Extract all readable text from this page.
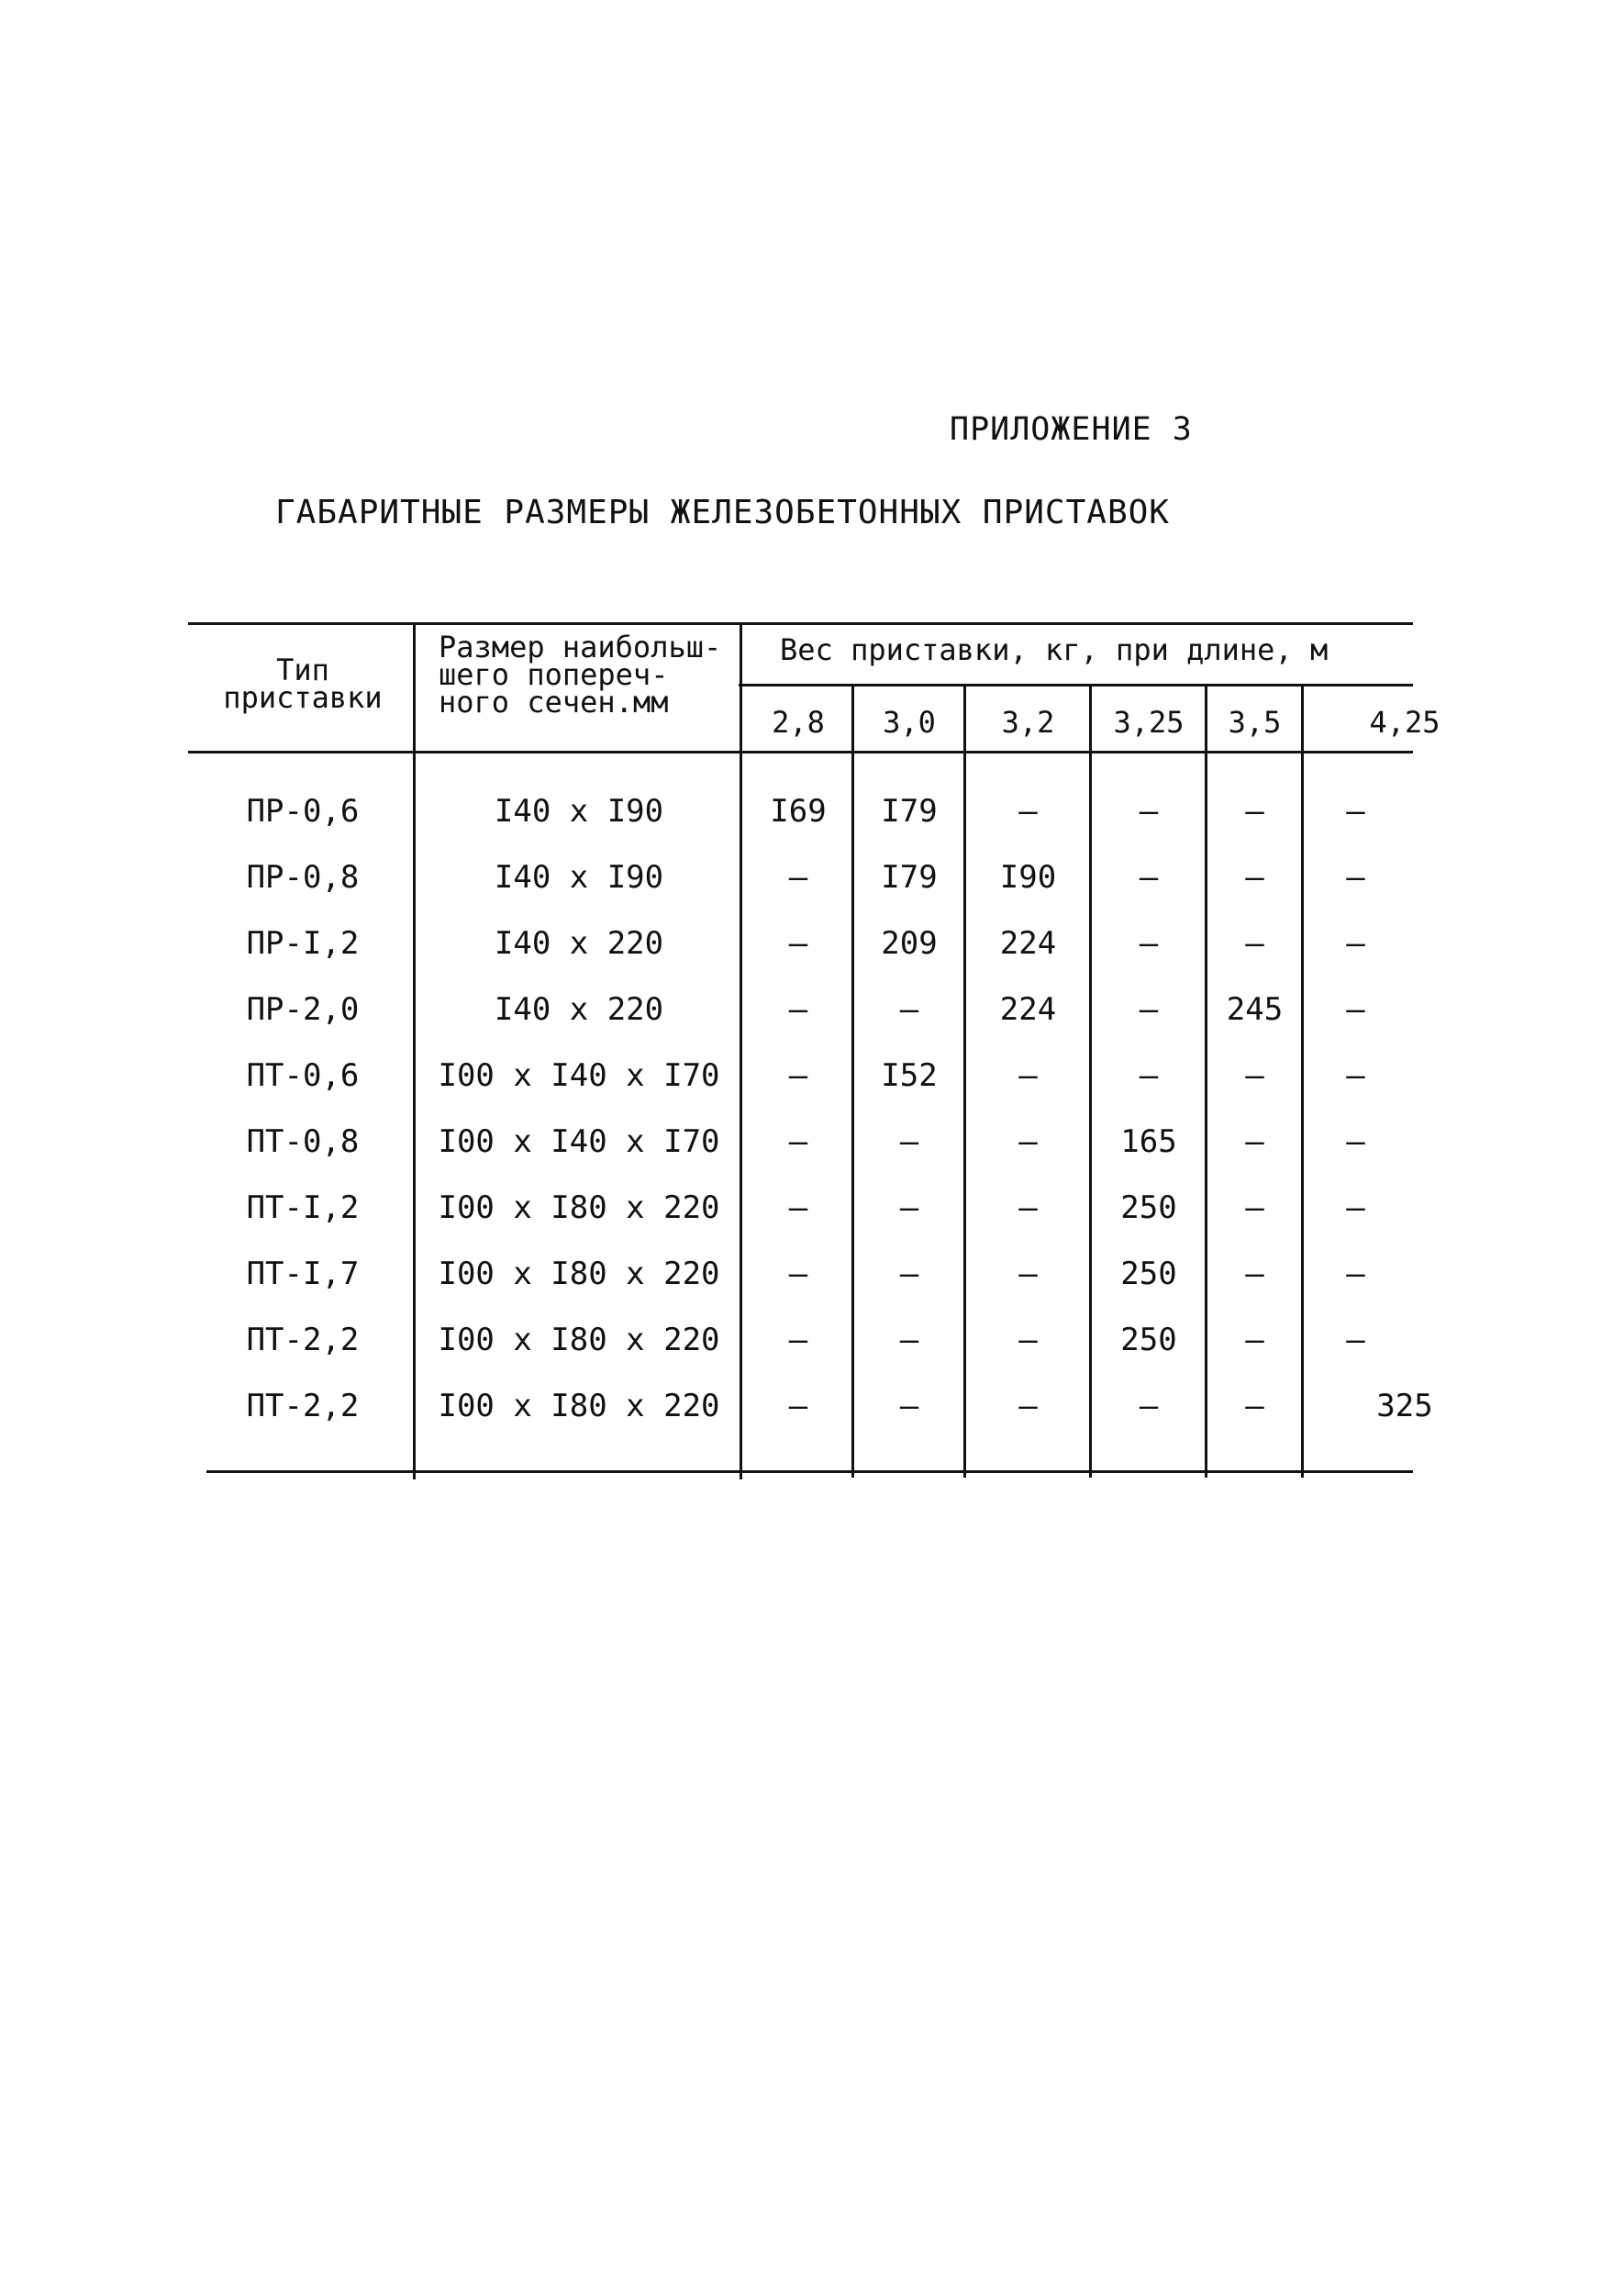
ПРИЛОЖЕНИЕ 3
ГАБАРИТНЫЕ РАЗМЕРЫ ЖЕЛЕЗОБЕТОННЫХ ПРИСТАВОК
Тип
приставки
Размер наибольш-
шего попереч-
ного сечен.мм
Вес приставки, кг, при длине, м
2,8	3,0	3,2	3,25	3,5	4,25
ПР-0,6	I40 х I90	I69	I79	–	–	–	–
ПР-0,8	I40 х I90	–	I79	I90	–	–	–
ПР-I,2	I40 х 220	–	209	224	–	–	–
ПР-2,0	I40 х 220	–	–	224	–	245	–
ПТ-0,6	I00 х I40 х I70	–	I52	–	–	–	–
ПТ-0,8	I00 х I40 х I70	–	–	–	165	–	–
ПТ-I,2	I00 х I80 х 220	–	–	–	250	–	–
ПТ-I,7	I00 х I80 х 220	–	–	–	250	–	–
ПТ-2,2	I00 х I80 х 220	–	–	–	250	–	–
ПТ-2,2	I00 х I80 х 220	–	–	–	–	–	325
